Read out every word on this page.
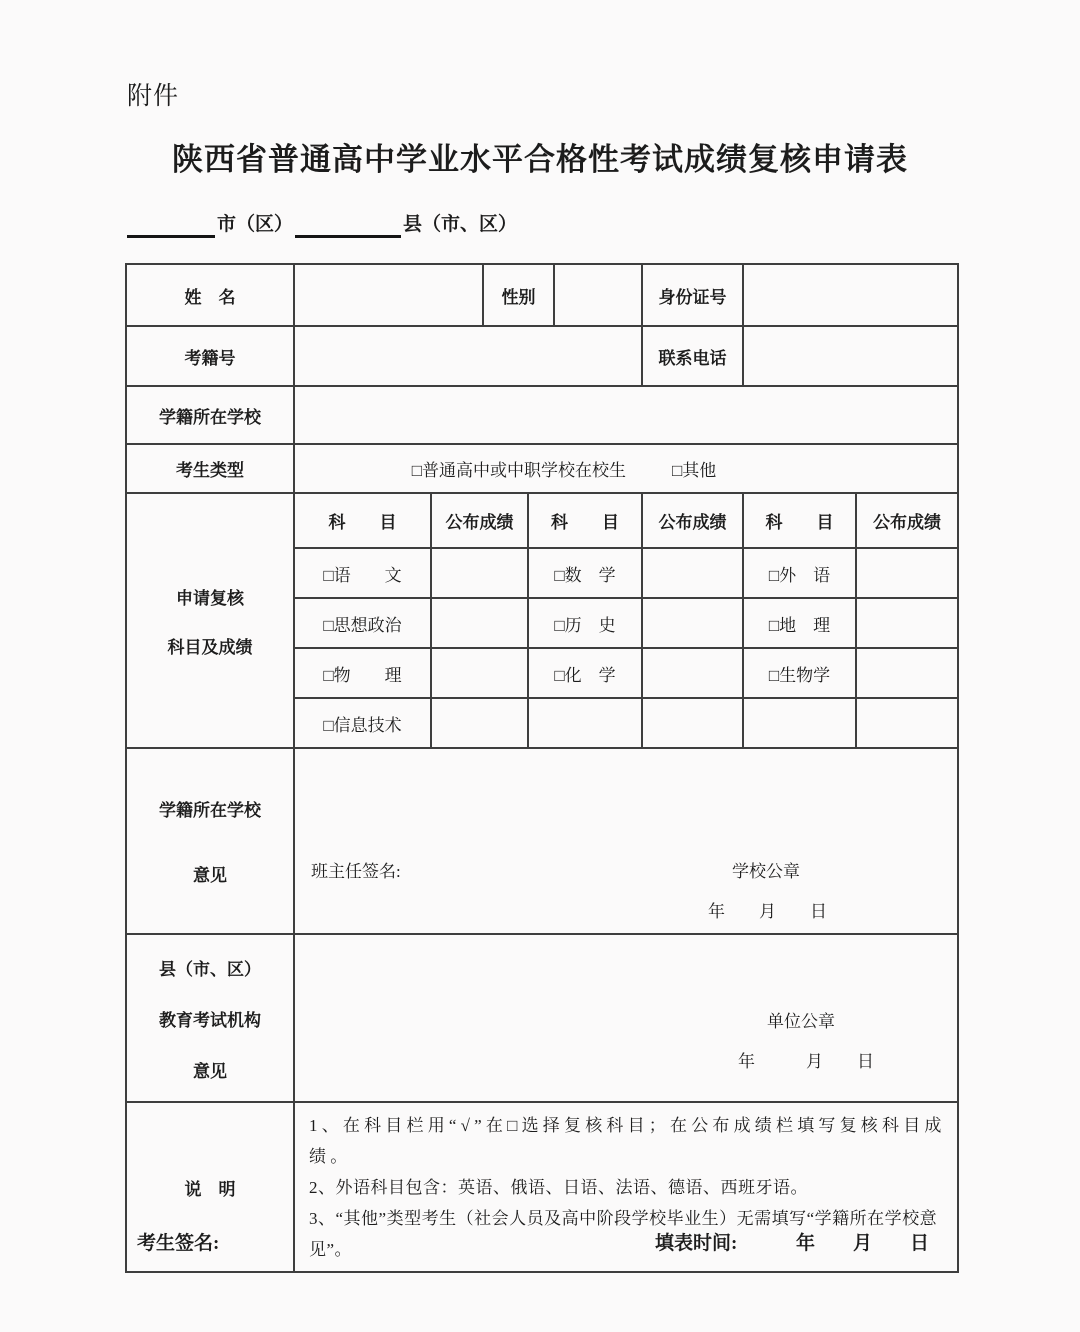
附件
陕西省普通高中学业水平合格性考试成绩复核申请表
市（区）	县（市、区）
姓　名			性别			身份证号		
考籍号						联系电话		
学籍所在学校								
考生类型	□普通高中或中职学校在校生 □其他							

申请复核
科目及成绩	科　　目	公布成绩		科　　目		公布成绩	科　　目	公布成绩
	□语　　文			□数　学			□外　语	
	□思想政治			□历　史			□地　理	
	□物　　理			□化　学			□生物学	
	□信息技术							

学籍所在学校
意见	班主任签名:	学校公章
年　　月　　日

县（市、区）
教育考试机构
意见

单位公章
年　　　月　　日

说　明	1、在科目栏用“√”在□选择复核科目；在公布成绩栏填写复核科目成绩。
2、外语科目包含：英语、俄语、日语、法语、德语、西班牙语。
3、“其他”类型考生（社会人员及高中阶段学校毕业生）无需填写“学籍所在学校意见”。							
考生签名:	填表时间:	年　　月　　日
